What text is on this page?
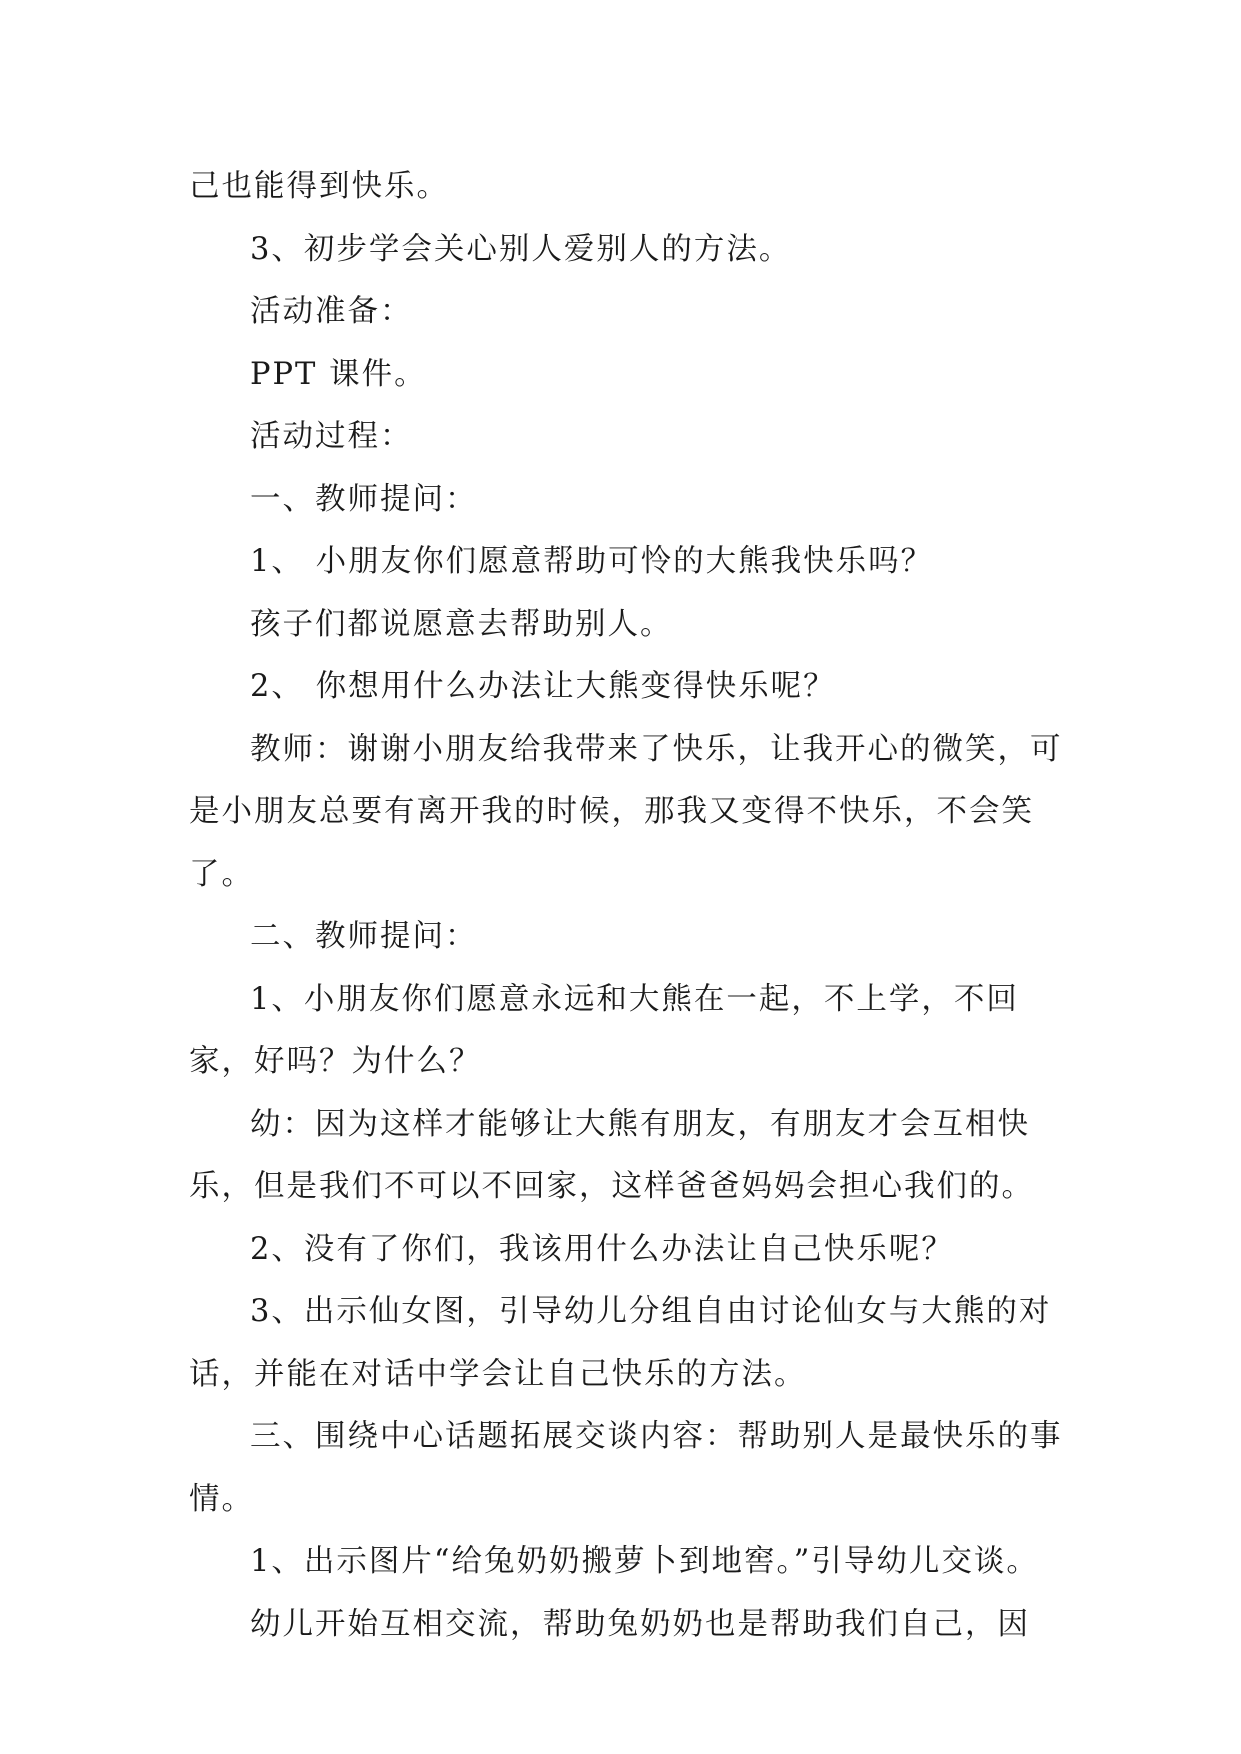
己也能得到快乐。

3、初步学会关心别人爱别人的方法。

活动准备：

PPT 课件。

活动过程：

一、教师提问：

1、 小朋友你们愿意帮助可怜的大熊我快乐吗？

孩子们都说愿意去帮助别人。

2、 你想用什么办法让大熊变得快乐呢？

教师：谢谢小朋友给我带来了快乐，让我开心的微笑，可是小朋友总要有离开我的时候，那我又变得不快乐，不会笑了。

二、教师提问：

1、小朋友你们愿意永远和大熊在一起，不上学，不回家，好吗？为什么？

幼：因为这样才能够让大熊有朋友，有朋友才会互相快乐，但是我们不可以不回家，这样爸爸妈妈会担心我们的。

2、没有了你们，我该用什么办法让自己快乐呢？

3、出示仙女图，引导幼儿分组自由讨论仙女与大熊的对话，并能在对话中学会让自己快乐的方法。

三、围绕中心话题拓展交谈内容：帮助别人是最快乐的事情。

1、出示图片“给兔奶奶搬萝卜到地窖。”引导幼儿交谈。

幼儿开始互相交流，帮助兔奶奶也是帮助我们自己，因
